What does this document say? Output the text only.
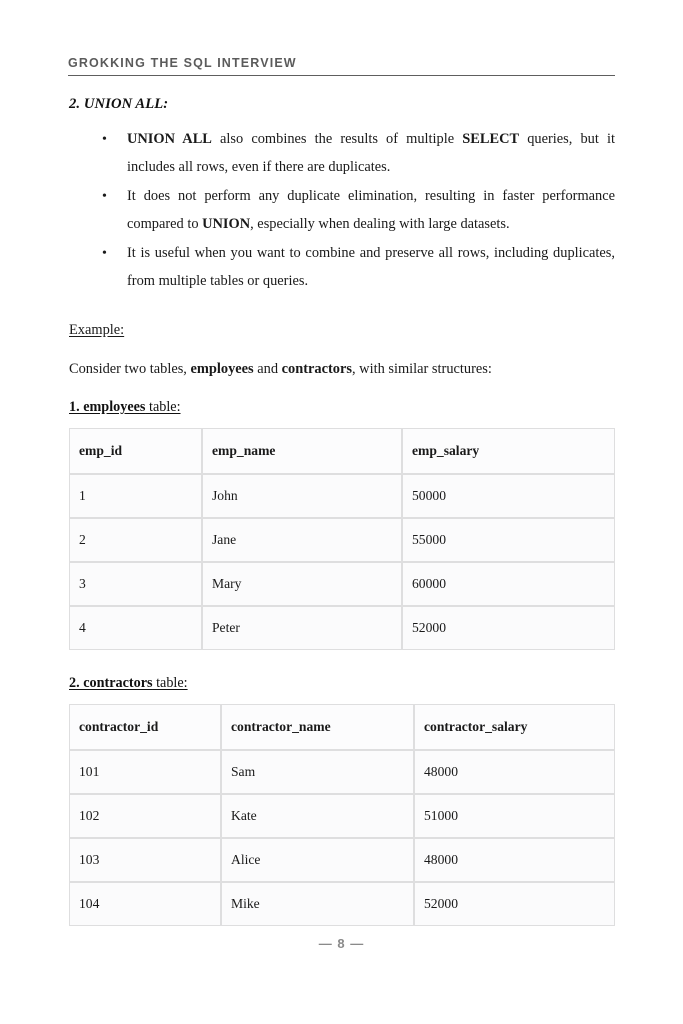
GROKKING THE SQL INTERVIEW
2. UNION ALL:
• UNION ALL also combines the results of multiple SELECT queries, but it includes all rows, even if there are duplicates.
• It does not perform any duplicate elimination, resulting in faster performance compared to UNION, especially when dealing with large datasets.
• It is useful when you want to combine and preserve all rows, including duplicates, from multiple tables or queries.

Example:

Consider two tables, employees and contractors, with similar structures:

1. employees table:

emp_id	emp_name	emp_salary
1	John	50000
2	Jane	55000
3	Mary	60000
4	Peter	52000

2. contractors table:

contractor_id	contractor_name	contractor_salary
101	Sam	48000
102	Kate	51000
103	Alice	48000
104	Mike	52000
— 8 —
